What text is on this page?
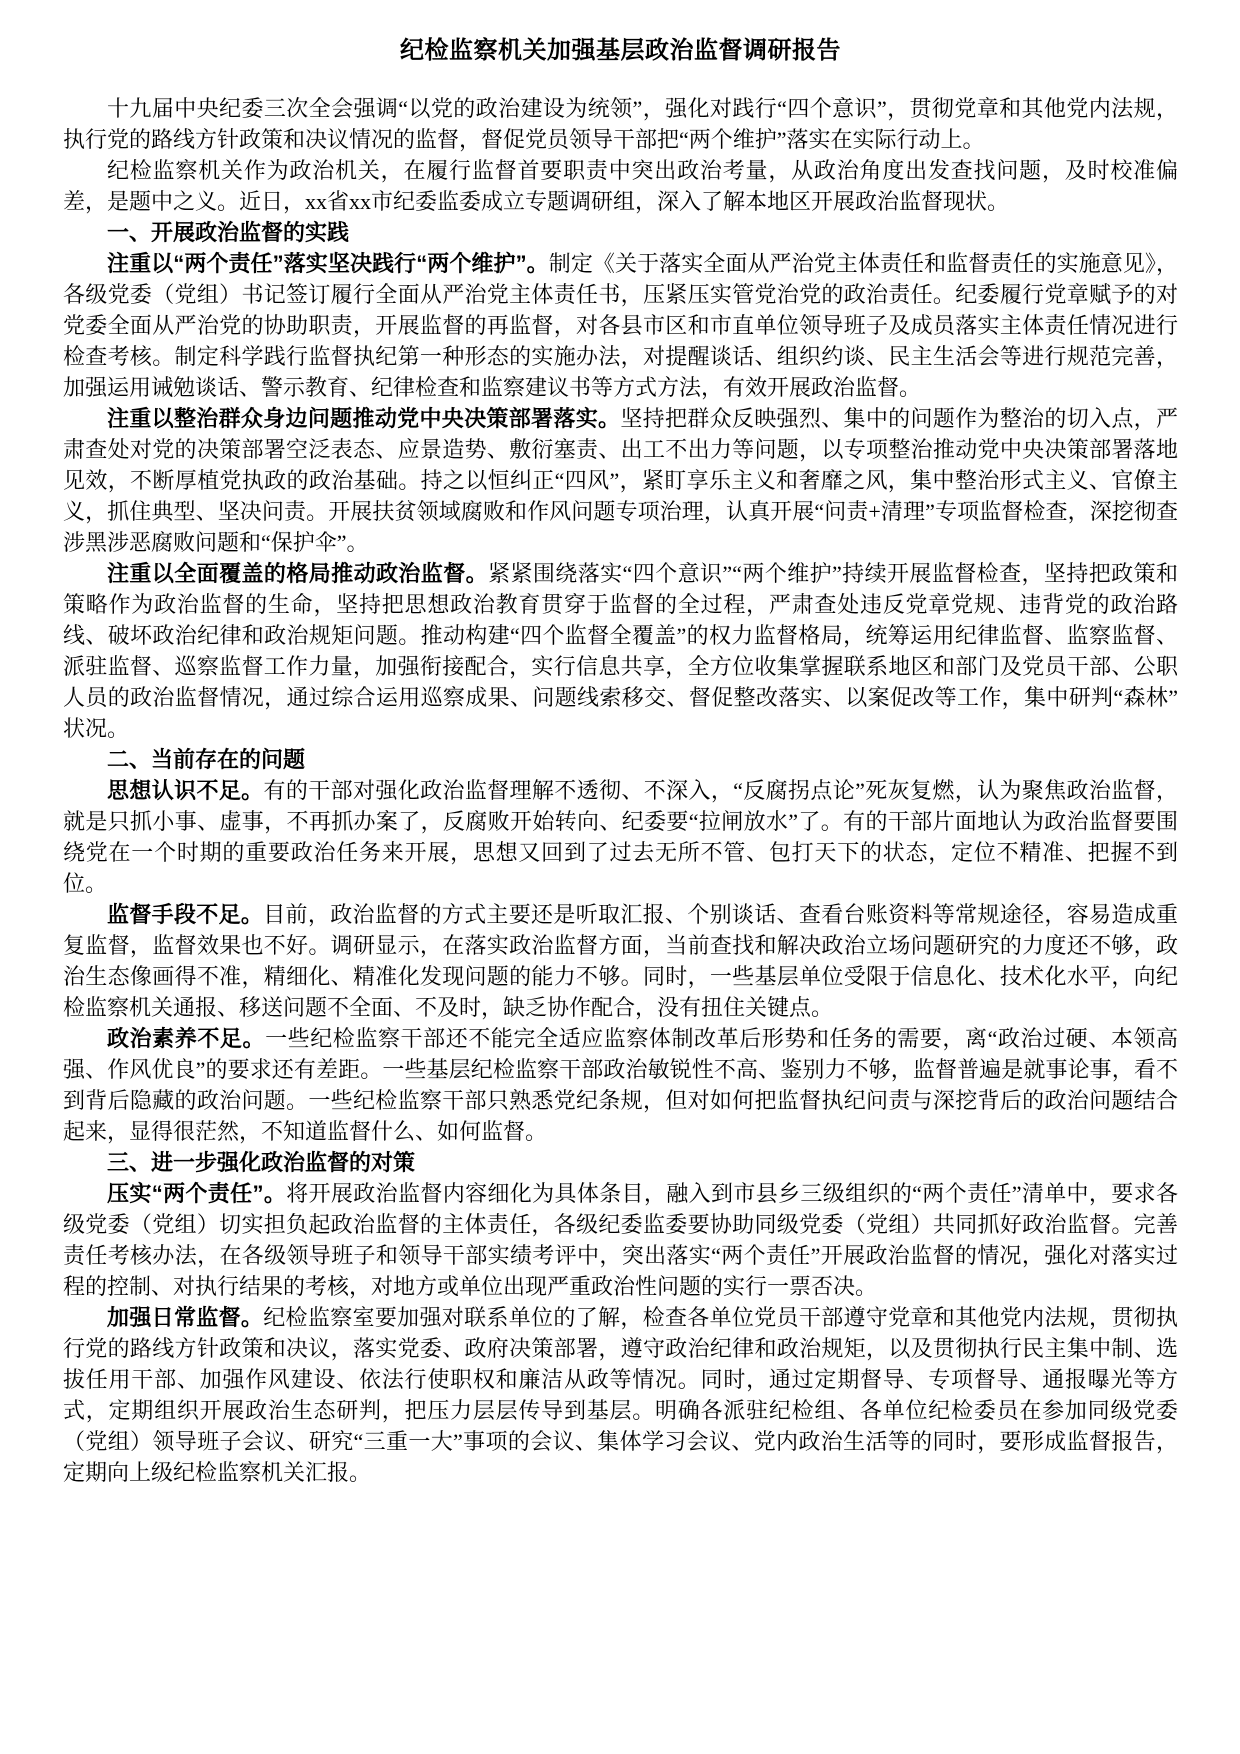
纪检监察机关加强基层政治监督调研报告

十九届中央纪委三次全会强调“以党的政治建设为统领”，强化对践行“四个意识”，贯彻党章和其他党内法规，执行党的路线方针政策和决议情况的监督，督促党员领导干部把“两个维护”落实在实际行动上。

纪检监察机关作为政治机关，在履行监督首要职责中突出政治考量，从政治角度出发查找问题，及时校准偏差，是题中之义。近日，xx省xx市纪委监委成立专题调研组，深入了解本地区开展政治监督现状。

一、开展政治监督的实践

注重以“两个责任”落实坚决践行“两个维护”。制定《关于落实全面从严治党主体责任和监督责任的实施意见》，各级党委（党组）书记签订履行全面从严治党主体责任书，压紧压实管党治党的政治责任。纪委履行党章赋予的对党委全面从严治党的协助职责，开展监督的再监督，对各县市区和市直单位领导班子及成员落实主体责任情况进行检查考核。制定科学践行监督执纪第一种形态的实施办法，对提醒谈话、组织约谈、民主生活会等进行规范完善，加强运用诫勉谈话、警示教育、纪律检查和监察建议书等方式方法，有效开展政治监督。

注重以整治群众身边问题推动党中央决策部署落实。坚持把群众反映强烈、集中的问题作为整治的切入点，严肃查处对党的决策部署空泛表态、应景造势、敷衍塞责、出工不出力等问题，以专项整治推动党中央决策部署落地见效，不断厚植党执政的政治基础。持之以恒纠正“四风”，紧盯享乐主义和奢靡之风，集中整治形式主义、官僚主义，抓住典型、坚决问责。开展扶贫领域腐败和作风问题专项治理，认真开展“问责+清理”专项监督检查，深挖彻查涉黑涉恶腐败问题和“保护伞”。

注重以全面覆盖的格局推动政治监督。紧紧围绕落实“四个意识”“两个维护”持续开展监督检查，坚持把政策和策略作为政治监督的生命，坚持把思想政治教育贯穿于监督的全过程，严肃查处违反党章党规、违背党的政治路线、破坏政治纪律和政治规矩问题。推动构建“四个监督全覆盖”的权力监督格局，统筹运用纪律监督、监察监督、派驻监督、巡察监督工作力量，加强衔接配合，实行信息共享，全方位收集掌握联系地区和部门及党员干部、公职人员的政治监督情况，通过综合运用巡察成果、问题线索移交、督促整改落实、以案促改等工作，集中研判“森林”状况。

二、当前存在的问题

思想认识不足。有的干部对强化政治监督理解不透彻、不深入，“反腐拐点论”死灰复燃，认为聚焦政治监督，就是只抓小事、虚事，不再抓办案了，反腐败开始转向、纪委要“拉闸放水”了。有的干部片面地认为政治监督要围绕党在一个时期的重要政治任务来开展，思想又回到了过去无所不管、包打天下的状态，定位不精准、把握不到位。

监督手段不足。目前，政治监督的方式主要还是听取汇报、个别谈话、查看台账资料等常规途径，容易造成重复监督，监督效果也不好。调研显示，在落实政治监督方面，当前查找和解决政治立场问题研究的力度还不够，政治生态像画得不准，精细化、精准化发现问题的能力不够。同时，一些基层单位受限于信息化、技术化水平，向纪检监察机关通报、移送问题不全面、不及时，缺乏协作配合，没有扭住关键点。

政治素养不足。一些纪检监察干部还不能完全适应监察体制改革后形势和任务的需要，离“政治过硬、本领高强、作风优良”的要求还有差距。一些基层纪检监察干部政治敏锐性不高、鉴别力不够，监督普遍是就事论事，看不到背后隐藏的政治问题。一些纪检监察干部只熟悉党纪条规，但对如何把监督执纪问责与深挖背后的政治问题结合起来，显得很茫然，不知道监督什么、如何监督。

三、进一步强化政治监督的对策

压实“两个责任”。将开展政治监督内容细化为具体条目，融入到市县乡三级组织的“两个责任”清单中，要求各级党委（党组）切实担负起政治监督的主体责任，各级纪委监委要协助同级党委（党组）共同抓好政治监督。完善责任考核办法，在各级领导班子和领导干部实绩考评中，突出落实“两个责任”开展政治监督的情况，强化对落实过程的控制、对执行结果的考核，对地方或单位出现严重政治性问题的实行一票否决。

加强日常监督。纪检监察室要加强对联系单位的了解，检查各单位党员干部遵守党章和其他党内法规，贯彻执行党的路线方针政策和决议，落实党委、政府决策部署，遵守政治纪律和政治规矩，以及贯彻执行民主集中制、选拔任用干部、加强作风建设、依法行使职权和廉洁从政等情况。同时，通过定期督导、专项督导、通报曝光等方式，定期组织开展政治生态研判，把压力层层传导到基层。明确各派驻纪检组、各单位纪检委员在参加同级党委（党组）领导班子会议、研究“三重一大”事项的会议、集体学习会议、党内政治生活等的同时，要形成监督报告，定期向上级纪检监察机关汇报。
